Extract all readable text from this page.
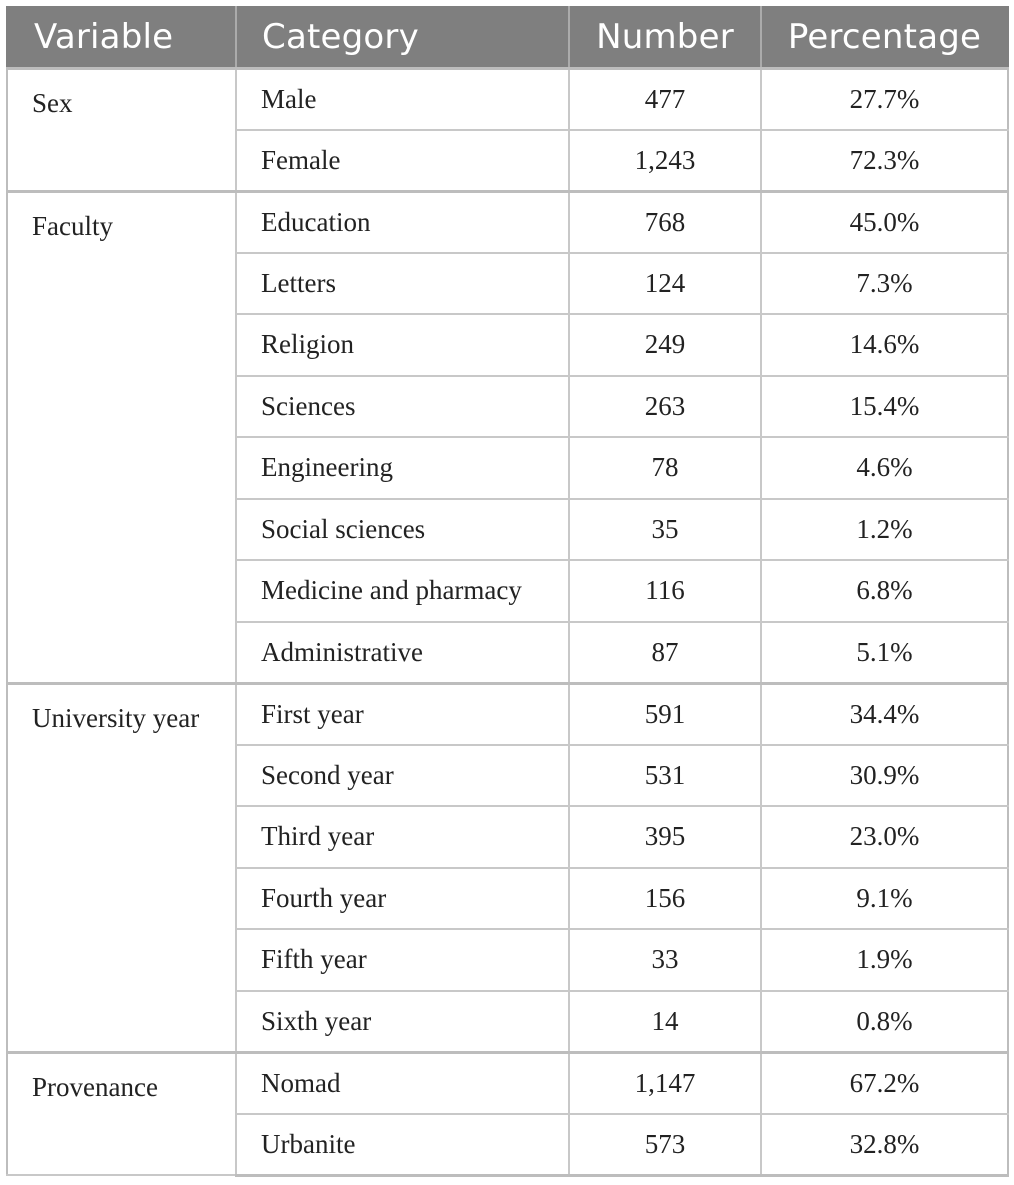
Variable	Category	Number	Percentage
Sex	Male	477	27.7%
	Female	1,243	72.3%
Faculty	Education	768	45.0%
	Letters	124	7.3%
	Religion	249	14.6%
	Sciences	263	15.4%
	Engineering	78	4.6%
	Social sciences	35	1.2%
	Medicine and pharmacy	116	6.8%
	Administrative	87	5.1%
University year	First year	591	34.4%
	Second year	531	30.9%
	Third year	395	23.0%
	Fourth year	156	9.1%
	Fifth year	33	1.9%
	Sixth year	14	0.8%
Provenance	Nomad	1,147	67.2%
	Urbanite	573	32.8%
